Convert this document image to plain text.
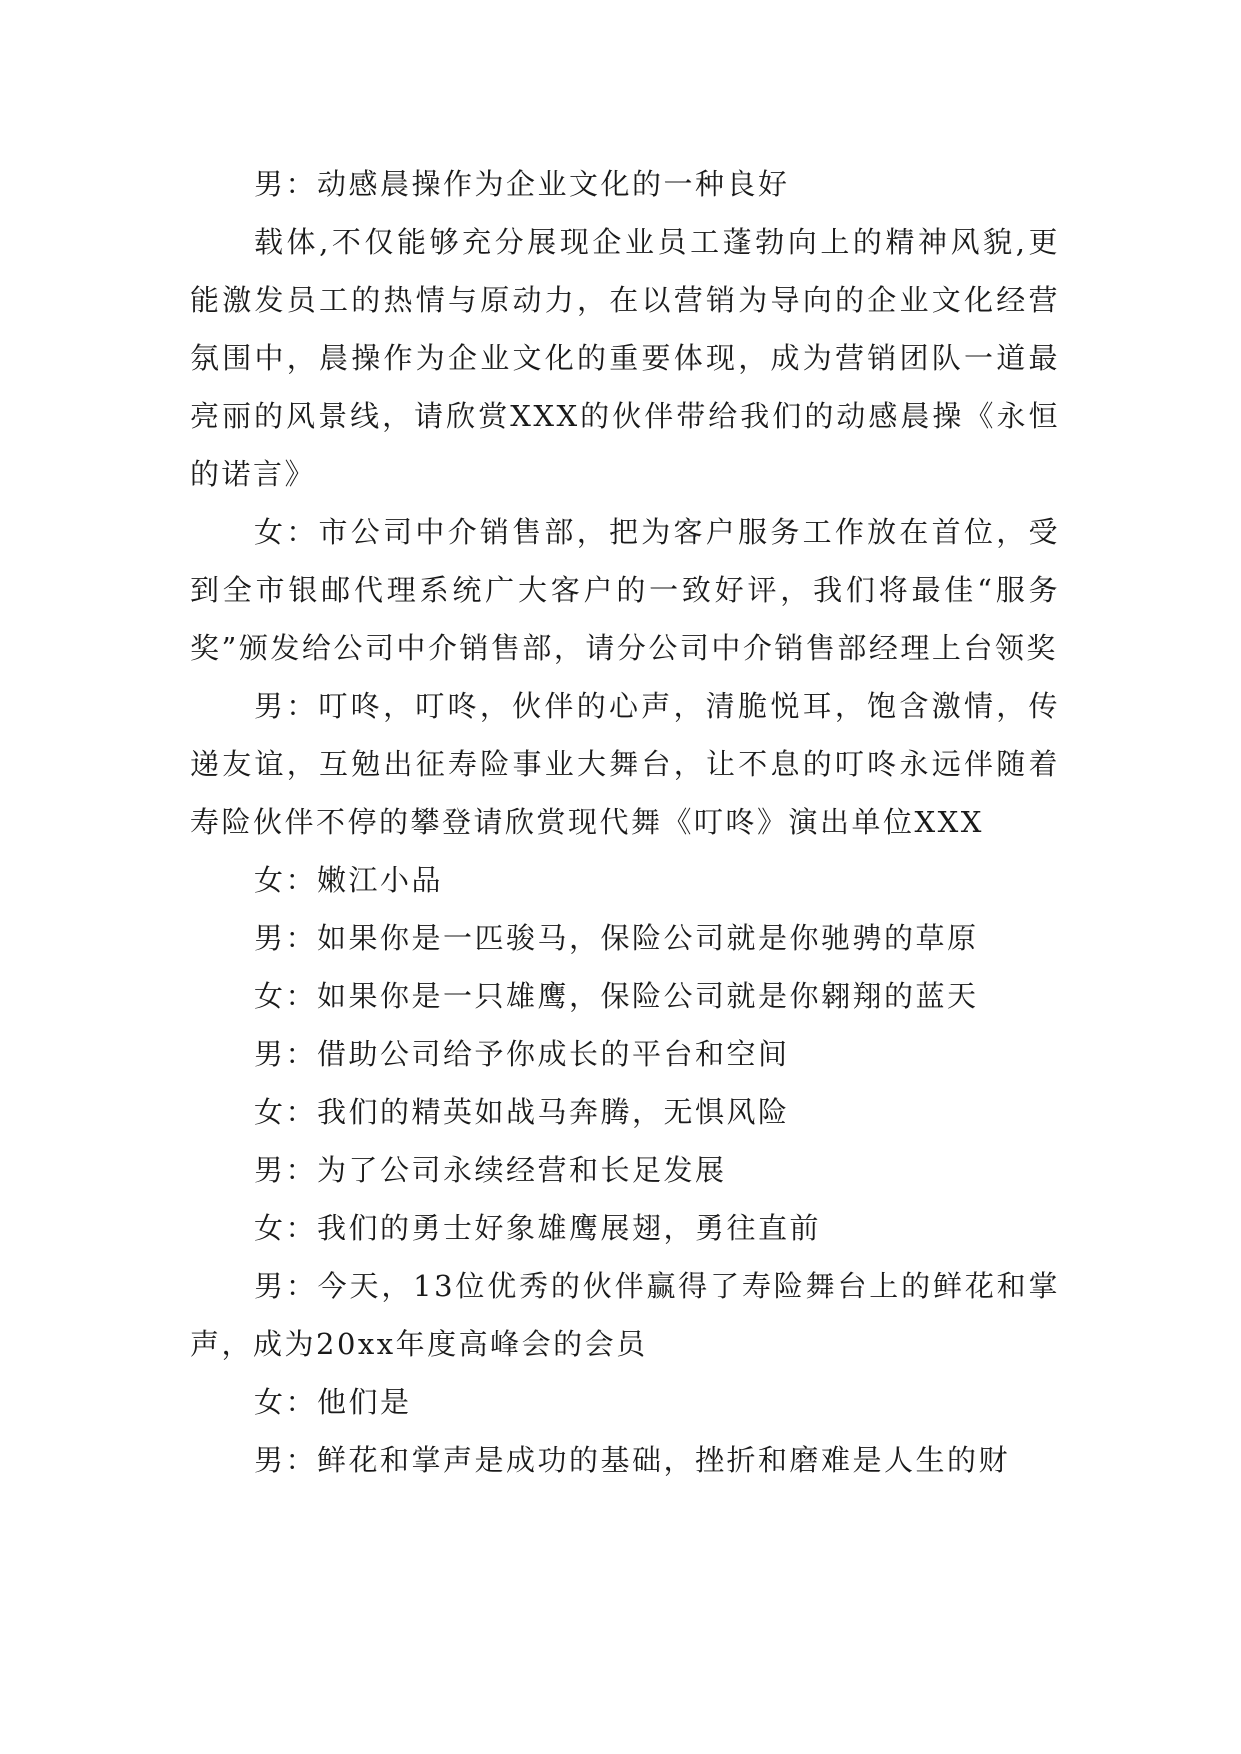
男：动感晨操作为企业文化的一种良好

载体,不仅能够充分展现企业员工蓬勃向上的精神风貌,更能激发员工的热情与原动力，在以营销为导向的企业文化经营氛围中，晨操作为企业文化的重要体现，成为营销团队一道最亮丽的风景线，请欣赏XXX的伙伴带给我们的动感晨操《永恒的诺言》

女：市公司中介销售部，把为客户服务工作放在首位，受到全市银邮代理系统广大客户的一致好评，我们将最佳“服务奖”颁发给公司中介销售部，请分公司中介销售部经理上台领奖

男：叮咚，叮咚，伙伴的心声，清脆悦耳，饱含激情，传递友谊，互勉出征寿险事业大舞台，让不息的叮咚永远伴随着寿险伙伴不停的攀登请欣赏现代舞《叮咚》演出单位XXX

女：嫩江小品

男：如果你是一匹骏马，保险公司就是你驰骋的草原

女：如果你是一只雄鹰，保险公司就是你翱翔的蓝天

男：借助公司给予你成长的平台和空间

女：我们的精英如战马奔腾，无惧风险

男：为了公司永续经营和长足发展

女：我们的勇士好象雄鹰展翅，勇往直前

男：今天，13位优秀的伙伴赢得了寿险舞台上的鲜花和掌声，成为20xx年度高峰会的会员

女：他们是

男：鲜花和掌声是成功的基础，挫折和磨难是人生的财
